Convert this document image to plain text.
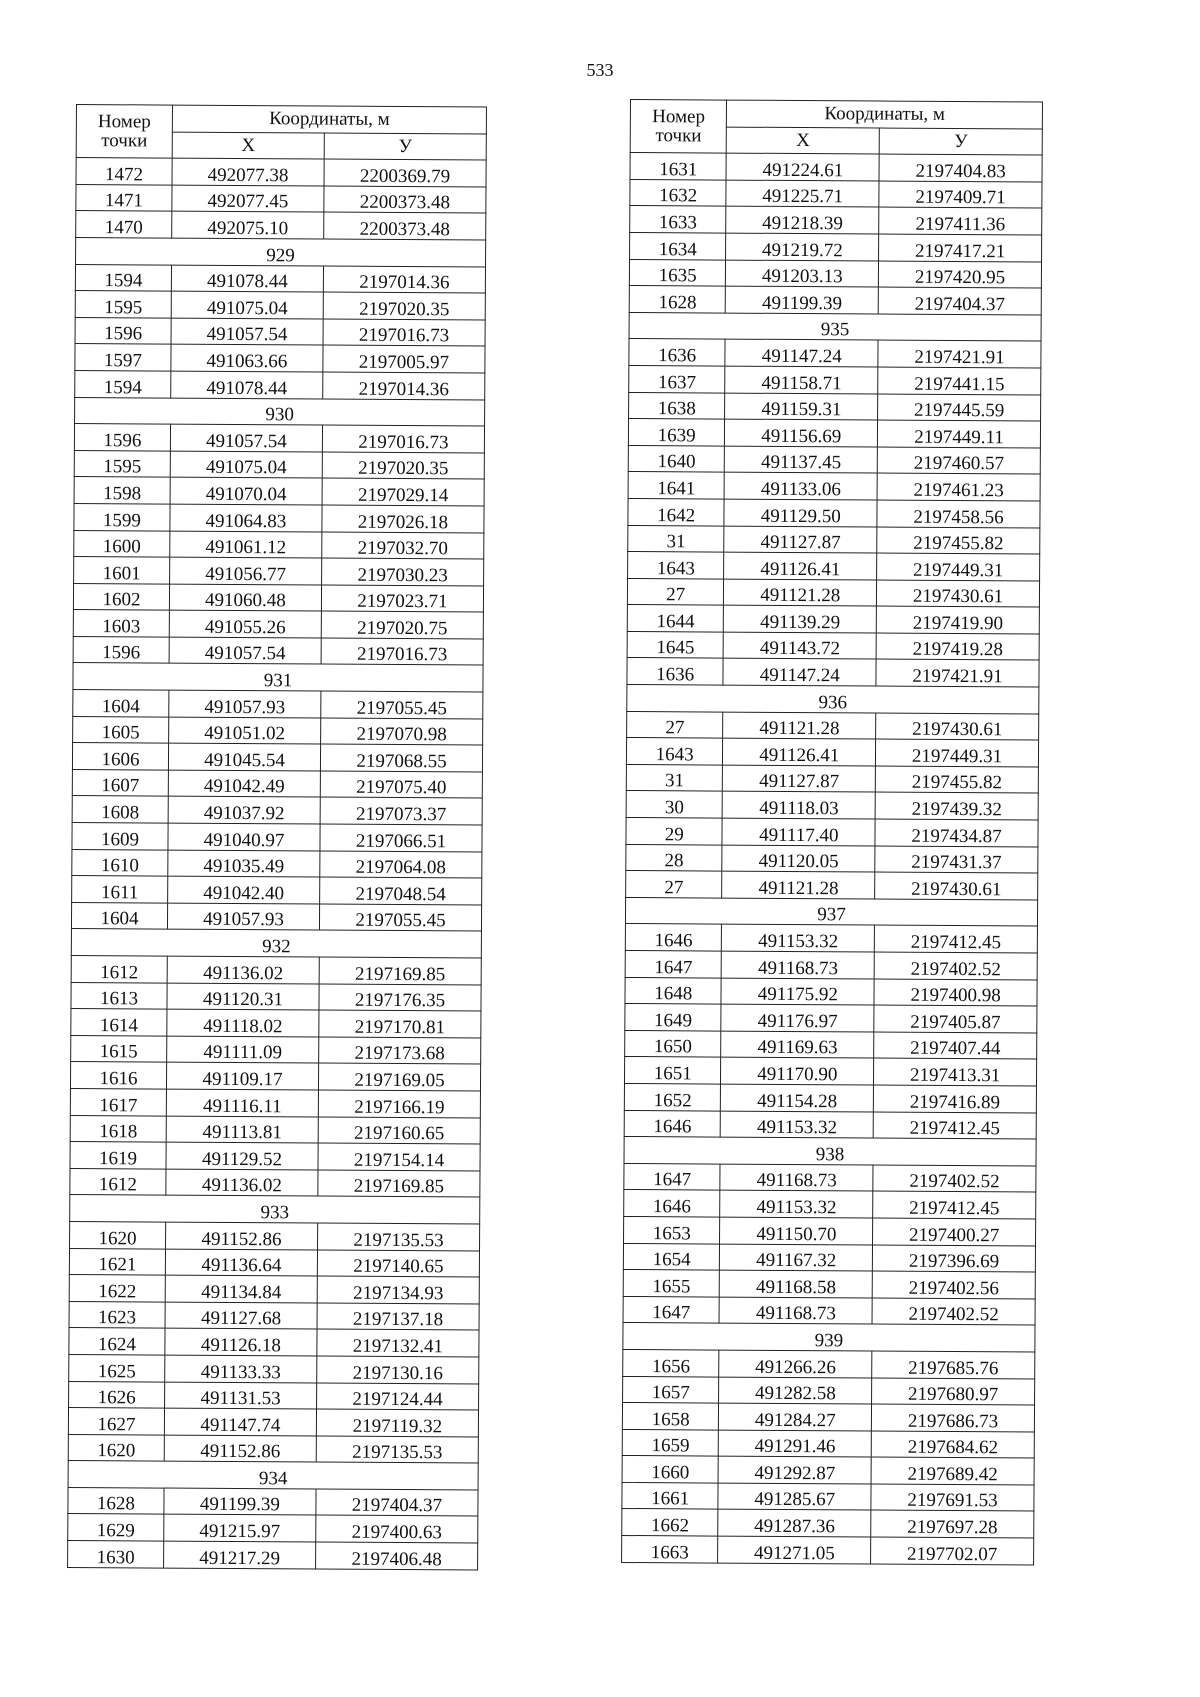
533
Номер точки	Координаты, м	
	X	У
1472	492077.38	2200369.79
1471	492077.45	2200373.48
1470	492075.10	2200373.48
929		
1594	491078.44	2197014.36
1595	491075.04	2197020.35
1596	491057.54	2197016.73
1597	491063.66	2197005.97
1594	491078.44	2197014.36
930		
1596	491057.54	2197016.73
1595	491075.04	2197020.35
1598	491070.04	2197029.14
1599	491064.83	2197026.18
1600	491061.12	2197032.70
1601	491056.77	2197030.23
1602	491060.48	2197023.71
1603	491055.26	2197020.75
1596	491057.54	2197016.73
931		
1604	491057.93	2197055.45
1605	491051.02	2197070.98
1606	491045.54	2197068.55
1607	491042.49	2197075.40
1608	491037.92	2197073.37
1609	491040.97	2197066.51
1610	491035.49	2197064.08
1611	491042.40	2197048.54
1604	491057.93	2197055.45
932		
1612	491136.02	2197169.85
1613	491120.31	2197176.35
1614	491118.02	2197170.81
1615	491111.09	2197173.68
1616	491109.17	2197169.05
1617	491116.11	2197166.19
1618	491113.81	2197160.65
1619	491129.52	2197154.14
1612	491136.02	2197169.85
933		
1620	491152.86	2197135.53
1621	491136.64	2197140.65
1622	491134.84	2197134.93
1623	491127.68	2197137.18
1624	491126.18	2197132.41
1625	491133.33	2197130.16
1626	491131.53	2197124.44
1627	491147.74	2197119.32
1620	491152.86	2197135.53
934		
1628	491199.39	2197404.37
1629	491215.97	2197400.63
1630	491217.29	2197406.48
Номер точки	Координаты, м	
	X	У
1631	491224.61	2197404.83
1632	491225.71	2197409.71
1633	491218.39	2197411.36
1634	491219.72	2197417.21
1635	491203.13	2197420.95
1628	491199.39	2197404.37
935		
1636	491147.24	2197421.91
1637	491158.71	2197441.15
1638	491159.31	2197445.59
1639	491156.69	2197449.11
1640	491137.45	2197460.57
1641	491133.06	2197461.23
1642	491129.50	2197458.56
31	491127.87	2197455.82
1643	491126.41	2197449.31
27	491121.28	2197430.61
1644	491139.29	2197419.90
1645	491143.72	2197419.28
1636	491147.24	2197421.91
936		
27	491121.28	2197430.61
1643	491126.41	2197449.31
31	491127.87	2197455.82
30	491118.03	2197439.32
29	491117.40	2197434.87
28	491120.05	2197431.37
27	491121.28	2197430.61
937		
1646	491153.32	2197412.45
1647	491168.73	2197402.52
1648	491175.92	2197400.98
1649	491176.97	2197405.87
1650	491169.63	2197407.44
1651	491170.90	2197413.31
1652	491154.28	2197416.89
1646	491153.32	2197412.45
938		
1647	491168.73	2197402.52
1646	491153.32	2197412.45
1653	491150.70	2197400.27
1654	491167.32	2197396.69
1655	491168.58	2197402.56
1647	491168.73	2197402.52
939		
1656	491266.26	2197685.76
1657	491282.58	2197680.97
1658	491284.27	2197686.73
1659	491291.46	2197684.62
1660	491292.87	2197689.42
1661	491285.67	2197691.53
1662	491287.36	2197697.28
1663	491271.05	2197702.07
